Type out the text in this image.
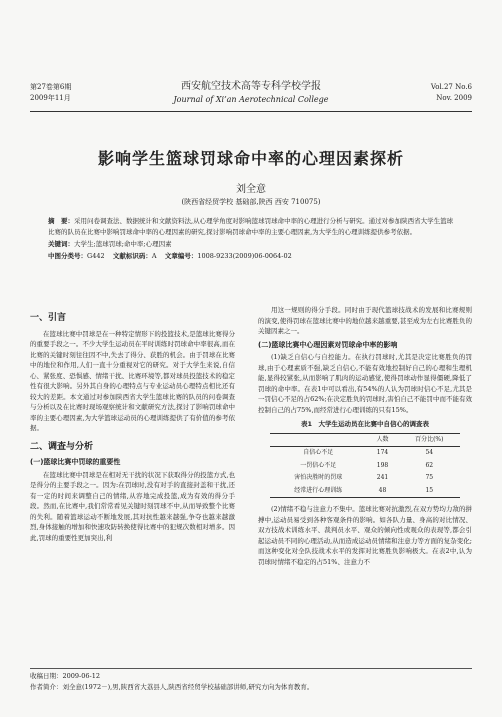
第27卷第6期
2009年11月
西安航空技术高等专科学校学报
Journal of Xi’an Aerotechnical College
Vol.27 No.6
Nov. 2009
影响学生篮球罚球命中率的心理因素探析
刘全意
(陕西省经贸学校 基础部,陕西 西安 710075)

摘　要：采用问卷调查法、数据统计和文献资料法,从心理学角度对影响篮球罚球命中率的心理进行分析与研究。通过对参加陕西省大学生篮球比赛的队员在比赛中影响罚球命中率的心理因素的研究,探讨影响罚球命中率的主要心理因素,为大学生的心理训练提供参考依据。

关键词：大学生;篮球罚球;命中率;心理因素

中图分类号：G442 文献标识码：A 文章编号：1008-9233(2009)06-0064-02

一、引言

在篮球比赛中罚球是在一种特定情形下的投篮技术,是篮球比赛得分的重要手段之一。不少大学生运动员在平时训练时罚球命中率很高,而在比赛的关键时刻往往因不中,失去了得分、获胜的机会。由于罚球在比赛中的地位和作用,人们一直十分重视对它的研究。对于大学生来说,自信心、紧张度、恐惧感、情绪干扰、比赛环境等,都对球员投篮技术的稳定性有很大影响。另外其自身的心理特点与专业运动员心理特点相比还有较大的差距。本文通过对参加陕西省大学生篮球比赛的队员的问卷调查与分析以及在比赛时现场观察统计和文献研究方法,探讨了影响罚球命中率的主要心理因素,为大学篮球运动员的心理训练提供了有价值的参考依据。

二、调查与分析
(一)篮球比赛中罚球的重要性

在篮球比赛中罚球是在相对无干扰的状况下获取得分的投篮方式,也是得分的主要手段之一。因为:在罚球时,没有对手的直接封盖和干扰,还有一定的时间来调整自己的情绪,从容地完成投篮,成为有效的得分手段。然而,在比赛中,我们常常看见关键时刻罚球不中,从而导致整个比赛的失利。随着篮球运动不断地发展,其对抗性越来越强,争夺也越来越激烈,身体接触的增加和快速攻防转换使得比赛中的犯规次数相对增多。因此,罚球的重要性更加突出,利

用这一规则的得分手段。同时由于现代篮球技战术的发展和比赛规则的演变,使得罚球在篮球比赛中的地位越来越重要,甚至成为左右比赛胜负的关键因素之一。

(二)篮球比赛中心理因素对罚球命中率的影响

(1)缺乏自信心与自控能力。在执行罚球时,尤其是决定比赛胜负的罚球,由于心理素质不强,缺乏自信心,不能有效地控制好自己的心理和生理机能,显得较紧张,从而影响了肌肉的运动感觉,使得罚球动作显得僵硬,降低了罚球的命中率。在表1中可以看出,有54%的人认为罚球时信心不足,尤其是一罚信心不足的占62%;在决定胜负的罚球时,害怕自己不能罚中而不能有效控制自己的占75%,而经常进行心理训练的只有15%。

表1　大学生运动员在比赛中自信心的调查表
	人数	百分比(%)
自信心不足	174	54
一罚信心不足	198	62
害怕决胜时的罚球	241	75
经常进行心理训练	48	15

(2)情绪不稳与注意力不集中。篮球比赛对抗激烈,在双方势均力敌的拼搏中,运动员易受到各种客观条件的影响。如各队力量、身高的对比情况、双方技战术训练水平、裁判员水平、观众的倾向性或观众的表现等,都会引起运动员不同的心理活动,从而造成运动员情绪和注意力等方面的复杂变化;而这种变化对全队技战术水平的发挥对比赛胜负影响极大。在表2中,认为罚球时情绪不稳定的占51%、注意力不

收稿日期：2009-06-12
作者简介：刘全意(1972－),男,陕西省大荔县人,陕西省经贸学校基础部讲师,研究方向为体育教育。
